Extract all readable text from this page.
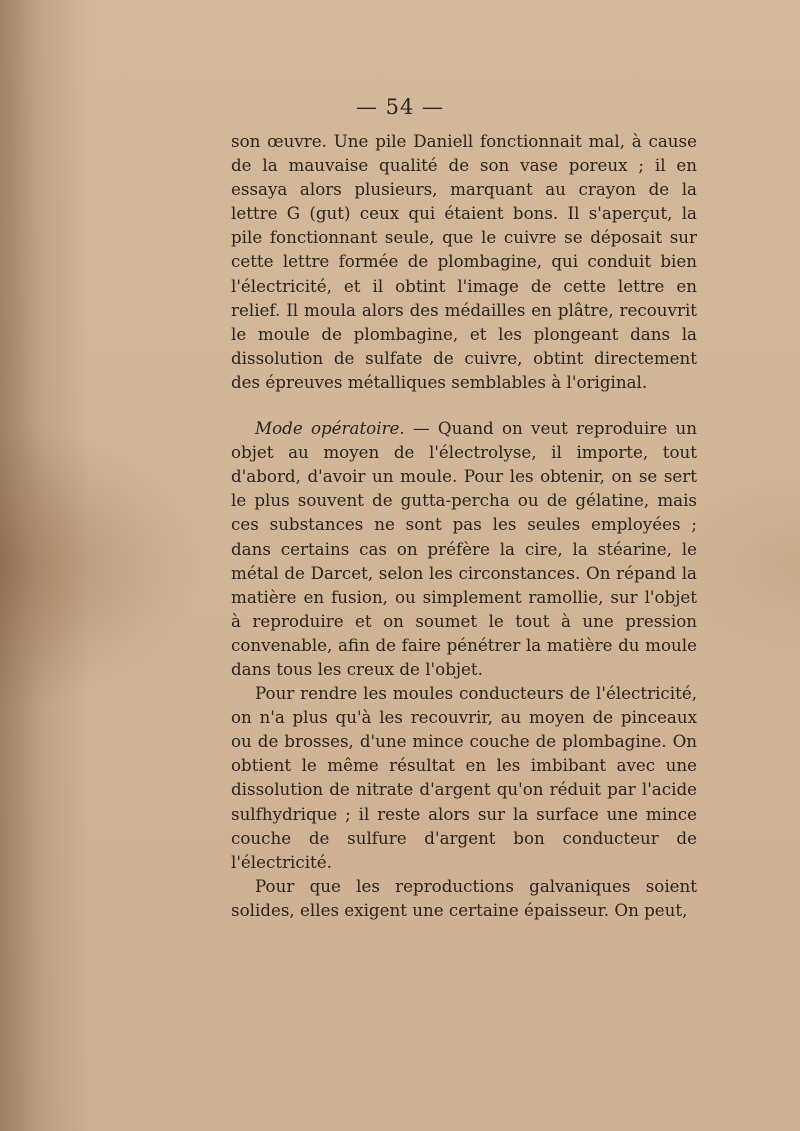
— 54 —

son œuvre. Une pile Daniell fonctionnait mal, à cause de la mauvaise qualité de son vase poreux ; il en essaya alors plusieurs, marquant au crayon de la lettre G (gut) ceux qui étaient bons. Il s'aperçut, la pile fonctionnant seule, que le cuivre se déposait sur cette lettre formée de plombagine, qui conduit bien l'électricité, et il obtint l'image de cette lettre en relief. Il moula alors des médailles en plâtre, recouvrit le moule de plombagine, et les plongeant dans la dissolution de sulfate de cuivre, obtint directement des épreuves métalliques semblables à l'original.

Mode opératoire. — Quand on veut reproduire un objet au moyen de l'électrolyse, il importe, tout d'abord, d'avoir un moule. Pour les obtenir, on se sert le plus souvent de gutta-percha ou de gélatine, mais ces substances ne sont pas les seules employées ; dans certains cas on préfère la cire, la stéarine, le métal de Darcet, selon les circonstances. On répand la matière en fusion, ou simplement ramollie, sur l'objet à reproduire et on soumet le tout à une pression convenable, afin de faire pénétrer la matière du moule dans tous les creux de l'objet.

Pour rendre les moules conducteurs de l'électricité, on n'a plus qu'à les recouvrir, au moyen de pinceaux ou de brosses, d'une mince couche de plombagine. On obtient le même résultat en les imbibant avec une dissolution de nitrate d'argent qu'on réduit par l'acide sulfhydrique ; il reste alors sur la surface une mince couche de sulfure d'argent bon conducteur de l'électricité.

Pour que les reproductions galvaniques soient solides, elles exigent une certaine épaisseur. On peut,
